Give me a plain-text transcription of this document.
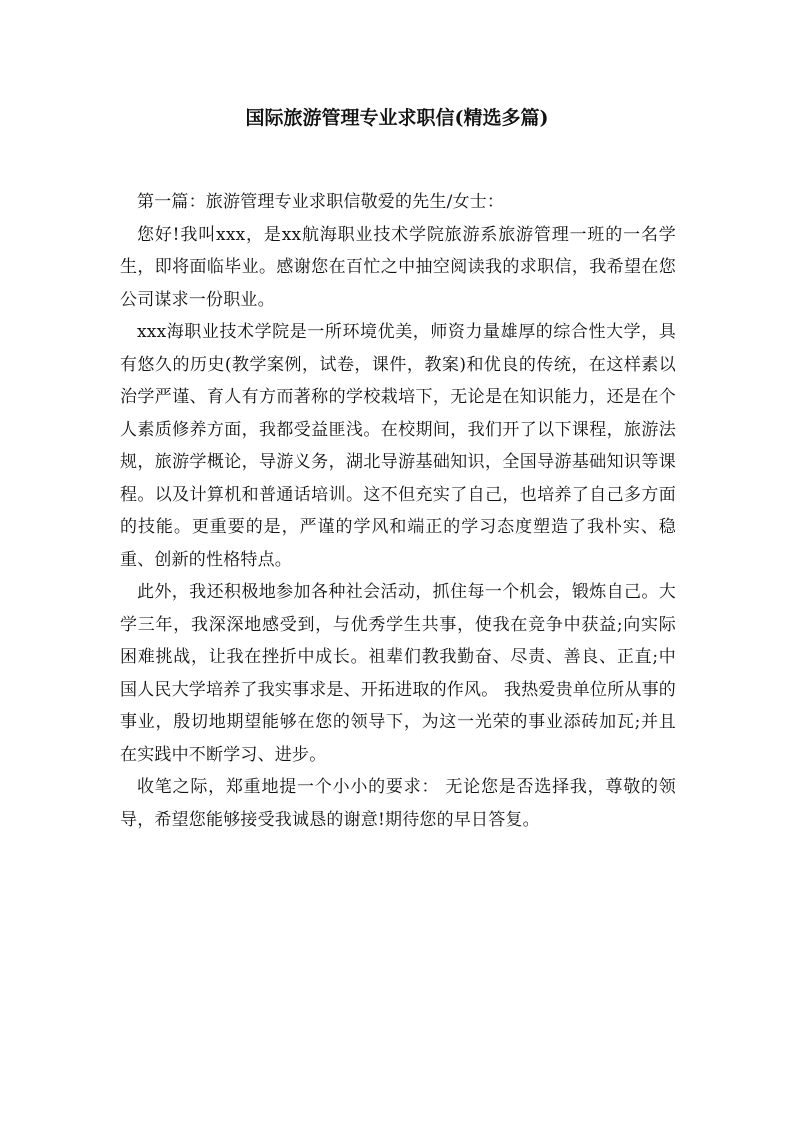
国际旅游管理专业求职信(精选多篇)

第一篇：旅游管理专业求职信敬爱的先生/女士：

您好!我叫xxx，是xx航海职业技术学院旅游系旅游管理一班的一名学生，即将面临毕业。感谢您在百忙之中抽空阅读我的求职信，我希望在您公司谋求一份职业。

xxx海职业技术学院是一所环境优美，师资力量雄厚的综合性大学，具有悠久的历史(教学案例，试卷，课件，教案)和优良的传统，在这样素以治学严谨、育人有方而著称的学校栽培下，无论是在知识能力，还是在个人素质修养方面，我都受益匪浅。在校期间，我们开了以下课程，旅游法规，旅游学概论，导游义务，湖北导游基础知识，全国导游基础知识等课程。以及计算机和普通话培训。这不但充实了自己，也培养了自己多方面的技能。更重要的是，严谨的学风和端正的学习态度塑造了我朴实、稳重、创新的性格特点。

此外，我还积极地参加各种社会活动，抓住每一个机会，锻炼自己。大学三年，我深深地感受到，与优秀学生共事，使我在竞争中获益;向实际困难挑战，让我在挫折中成长。祖辈们教我勤奋、尽责、善良、正直;中国人民大学培养了我实事求是、开拓进取的作风。 我热爱贵单位所从事的事业，殷切地期望能够在您的领导下，为这一光荣的事业添砖加瓦;并且在实践中不断学习、进步。

收笔之际，郑重地提一个小小的要求： 无论您是否选择我，尊敬的领导，希望您能够接受我诚恳的谢意!期待您的早日答复。
